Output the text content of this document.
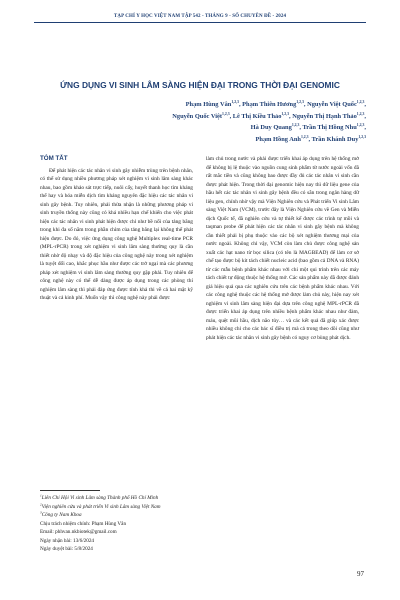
TẠP CHÍ Y HỌC VIỆT NAM TẬP 542 - THÁNG 9 - SỐ CHUYÊN ĐỀ - 2024
ỨNG DỤNG VI SINH LÂM SÀNG HIỆN ĐẠI TRONG THỜI ĐẠI GENOMIC
Phạm Hùng Vân$^{1,2,3}$, Phạm Thiên Hương$^{1,2,3}$, Nguyễn Việt Quốc$^{1,2,3}$,
Nguyễn Quốc Việt$^{1,2,3}$, Lê Thị Kiều Thảo$^{1,2,3}$, Nguyễn Thị Hạnh Thảo$^{1,2,3}$,
Hà Duy Quang$^{1,2,3}$, Trần Thị Hồng Nhu$^{1,2,3}$,
Phạm Hồng Anh$^{1,2,3}$, Trần Khánh Duy$^{1,2,3}$
TÓM TẮT

Để phát hiện các tác nhân vi sinh gây nhiễm trùng trên bệnh nhân, có thể sử dụng nhiều phương pháp xét nghiệm vi sinh lâm sàng khác nhau, bao gồm khảo sát trực tiếp, nuôi cấy, huyết thanh học tìm kháng thể hay và hóa miễn dịch tìm kháng nguyên đặc hiệu các tác nhân vi sinh gây bệnh. Tuy nhiên, phải thừa nhận là những phương pháp vi sinh truyền thống này cũng có khá nhiều hạn chế khiến cho việc phát hiện các tác nhân vi sinh phát hiện được chỉ như bề nổi của tảng băng trong khi đa số nằm trong phần chìm của tảng băng lại không thể phát hiện được. Do đó, việc ứng dụng công nghệ Multiplex real-time PCR (MPL-rPCR) trong xét nghiệm vi sinh lâm sàng thường quy là cần thiết nhờ độ nhạy và độ đặc hiệu của công nghệ này trong xét nghiệm là tuyệt đối cao, khắc phục hầu như được các trở ngại mà các phương pháp xét nghiệm vi sinh lâm sàng thường quy gặp phải. Tuy nhiên để công nghệ này có thể dễ dàng được áp dụng trong các phòng thí nghiệm lâm sàng thì phải đáp ứng được tính khả thi về cả hai mặt kỹ thuật và cả kinh phí. Muốn vậy thì công nghệ này phải được

làm chủ trong nước và phải được triển khai áp dụng trên hệ thống mở để không bị lệ thuộc vào nguồn cung sinh phẩm từ nước ngoài vốn đã rất mắc tiền và cũng không bao được đầy đủ các tác nhân vi sinh cần được phát hiện. Trong thời đại genomic hiện nay thì dữ liệu gene của hầu hết các tác nhân vi sinh gây bệnh đều có sẵn trong ngân hàng dữ liệu gen, chính nhờ vậy mà Viện Nghiên cứu và Phát triển Vi sinh Lâm sàng Việt Nam (VCM), trước đây là Viện Nghiên cứu về Gen và Miễn dịch Quốc tế, đã nghiên cứu và tự thiết kế được các trình tự mồi và taqman probe để phát hiện các tác nhân vi sinh gây bệnh mà không cần thiết phải bị phụ thuộc vào các bộ xét nghiệm thương mại của nước ngoài. Không chỉ vậy, VCM còn làm chủ được công nghệ sản xuất các hạt nano từ bọc silica (có tên là MAGBEAD) để làm cơ sở chế tạo được bộ kit tách chiết nucleic acid (bao gồm cả DNA và RNA) từ các mẫu bệnh phẩm khác nhau với chi một qui trình trên các máy tách chiết tự động thuộc hệ thống mở. Các sản phẩm này đã được đánh giá hiệu quả qua các nghiên cứu trên các bệnh phẩm khác nhau. Với các công nghệ thuộc các hệ thống mở được làm chủ này, hiện nay xét nghiệm vi sinh lâm sàng hiện đại dựa trên công nghệ MPL-rPCR đã được triển khai áp dụng trên nhiều bệnh phẩm khác nhau như đàm, máu, quệt mũi hầu, dịch não tủy… và các kết quả đã giúp xác được nhiều không chỉ cho các bác sĩ điều trị mà cả trong theo dõi cũng như phát hiện các tác nhân vi sinh gây bệnh có nguy cơ bùng phát dịch.

$^1$Liên Chi Hội Vi sinh Lâm sàng Thành phố Hồ Chí Minh
$^2$Viện nghiên cứu và phát triển Vi sinh Lâm sàng Việt Nam
$^3$Công ty Nam Khoa
Chịu trách nhiệm chính: Phạm Hùng Vân
Email: phhvan.nkbiotek@gmail.com
Ngày nhận bài: 13/6/2024
Ngày duyệt bài: 5/8/2024
97
